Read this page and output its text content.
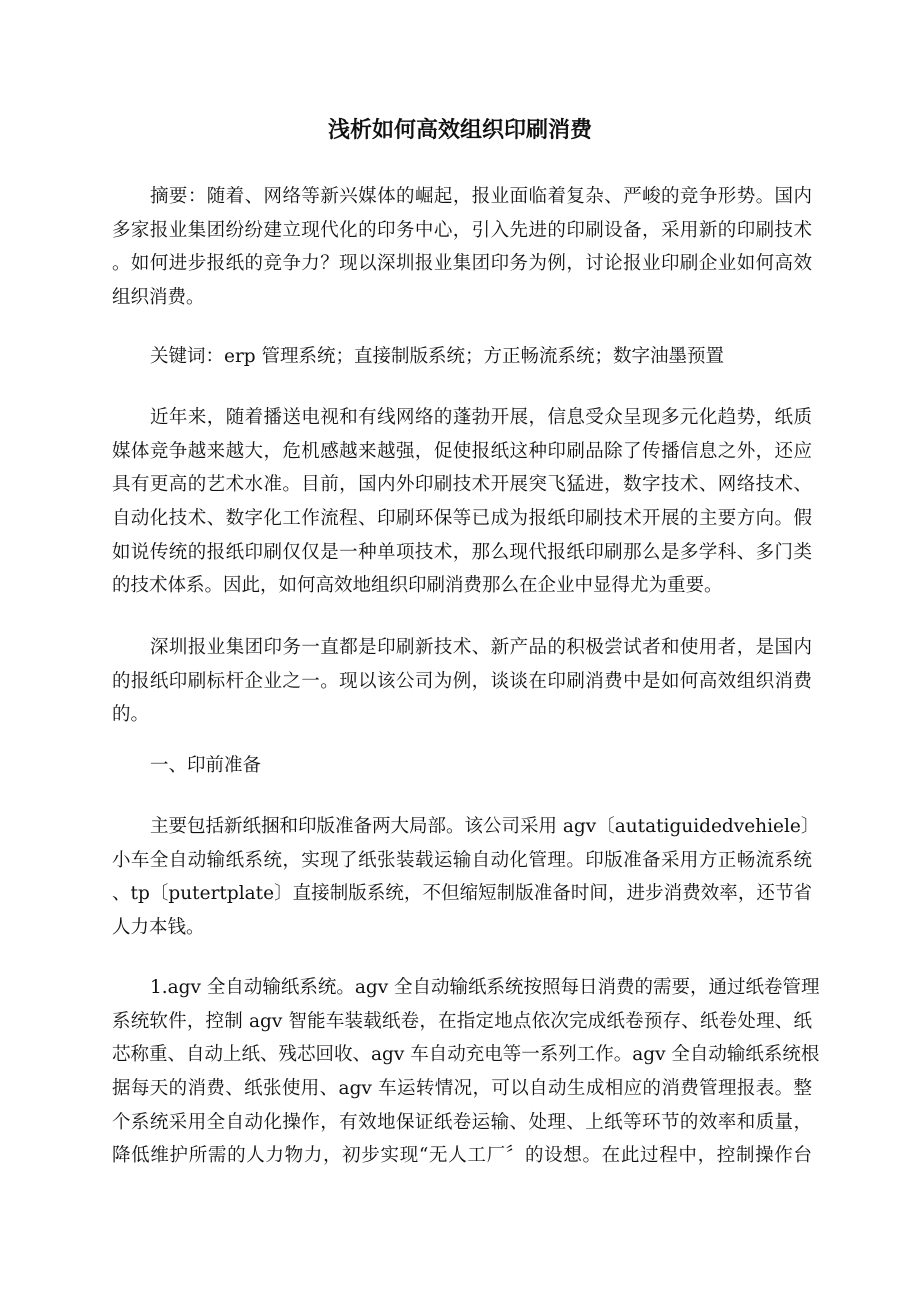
浅析如何高效组织印刷消费
摘要：随着、网络等新兴媒体的崛起，报业面临着复杂、严峻的竞争形势。国内
多家报业集团纷纷建立现代化的印务中心，引入先进的印刷设备，采用新的印刷技术
。如何进步报纸的竞争力？现以深圳报业集团印务为例，讨论报业印刷企业如何高效
组织消费。
关键词：erp 管理系统；直接制版系统；方正畅流系统；数字油墨预置
近年来，随着播送电视和有线网络的蓬勃开展，信息受众呈现多元化趋势，纸质
媒体竞争越来越大，危机感越来越强，促使报纸这种印刷品除了传播信息之外，还应
具有更高的艺术水准。目前，国内外印刷技术开展突飞猛进，数字技术、网络技术、
自动化技术、数字化工作流程、印刷环保等已成为报纸印刷技术开展的主要方向。假
如说传统的报纸印刷仅仅是一种单项技术，那么现代报纸印刷那么是多学科、多门类
的技术体系。因此，如何高效地组织印刷消费那么在企业中显得尤为重要。
深圳报业集团印务一直都是印刷新技术、新产品的积极尝试者和使用者，是国内
的报纸印刷标杆企业之一。现以该公司为例，谈谈在印刷消费中是如何高效组织消费
的。
一、印前准备
主要包括新纸捆和印版准备两大局部。该公司采用 agv〔autatiguidedvehiele〕
小车全自动输纸系统，实现了纸张装载运输自动化管理。印版准备采用方正畅流系统
、tp〔putertplate〕直接制版系统，不但缩短制版准备时间，进步消费效率，还节省
人力本钱。
1.agv 全自动输纸系统。agv 全自动输纸系统按照每日消费的需要，通过纸卷管理
系统软件，控制 agv 智能车装载纸卷，在指定地点依次完成纸卷预存、纸卷处理、纸
芯称重、自动上纸、残芯回收、agv 车自动充电等一系列工作。agv 全自动输纸系统根
据每天的消费、纸张使用、agv 车运转情况，可以自动生成相应的消费管理报表。整
个系统采用全自动化操作，有效地保证纸卷运输、处理、上纸等环节的效率和质量，
降低维护所需的人力物力，初步实现“无人工厂〞的设想。在此过程中，控制操作台
